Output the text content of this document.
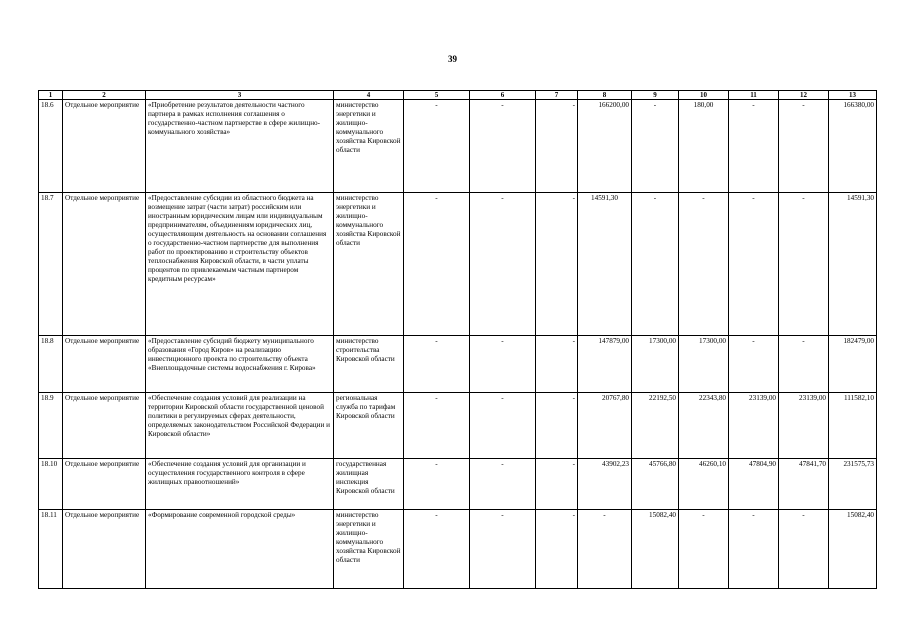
39
1	2	3	4	5	6	7	8	9	10	11	12	13
18.6	Отдельное мероприятие	«Приобретение результатов деятельности частного партнера в рамках исполнения соглашения о государственно-частном партнерстве в сфере жилищно-коммунального хозяйства»	министерство энергетики и жилищно-коммунального хозяйства Кировской области	-	-	-	166200,00	-	180,00	-	-	166380,00
18.7	Отдельное мероприятие	«Предоставление субсидии из областного бюджета на возмещение затрат (части затрат) российским или иностранным юридическим лицам или индивидуальным предпринимателям, объединениям юридических лиц, осуществляющим деятельность на основании соглашения о государственно-частном партнерстве для выполнения работ по проектированию и строительству объектов теплоснабжения Кировской области, в части уплаты процентов по привлекаемым частным партнером кредитным ресурсам»	министерство энергетики и жилищно-коммунального хозяйства Кировской области	-	-	-	14591,30	-	-	-	-	14591,30
18.8	Отдельное мероприятие	«Предоставление субсидий бюджету муниципального образования «Город Киров» на реализацию инвестиционного проекта по строительству объекта «Внеплощадочные системы водоснабжения г. Кирова»	министерство строительства Кировской области	-	-	-	147879,00	17300,00	17300,00	-	-	182479,00
18.9	Отдельное мероприятие	«Обеспечение создания условий для реализации на территории Кировской области государственной ценовой политики в регулируемых сферах деятельности, определяемых законодательством Российской Федерации и Кировской области»	региональная служба по тарифам Кировской области	-	-	-	20767,80	22192,50	22343,80	23139,00	23139,00	111582,10
18.10	Отдельное мероприятие	«Обеспечение создания условий для организации и осуществления государственного контроля в сфере жилищных правоотношений»	государственная жилищная инспекция Кировской области	-	-	-	43902,23	45766,80	46260,10	47804,90	47841,70	231575,73
18.11	Отдельное мероприятие	«Формирование современной городской среды»	министерство энергетики и жилищно-коммунального хозяйства Кировской области	-	-	-	-	15082,40	-	-	-	15082,40
